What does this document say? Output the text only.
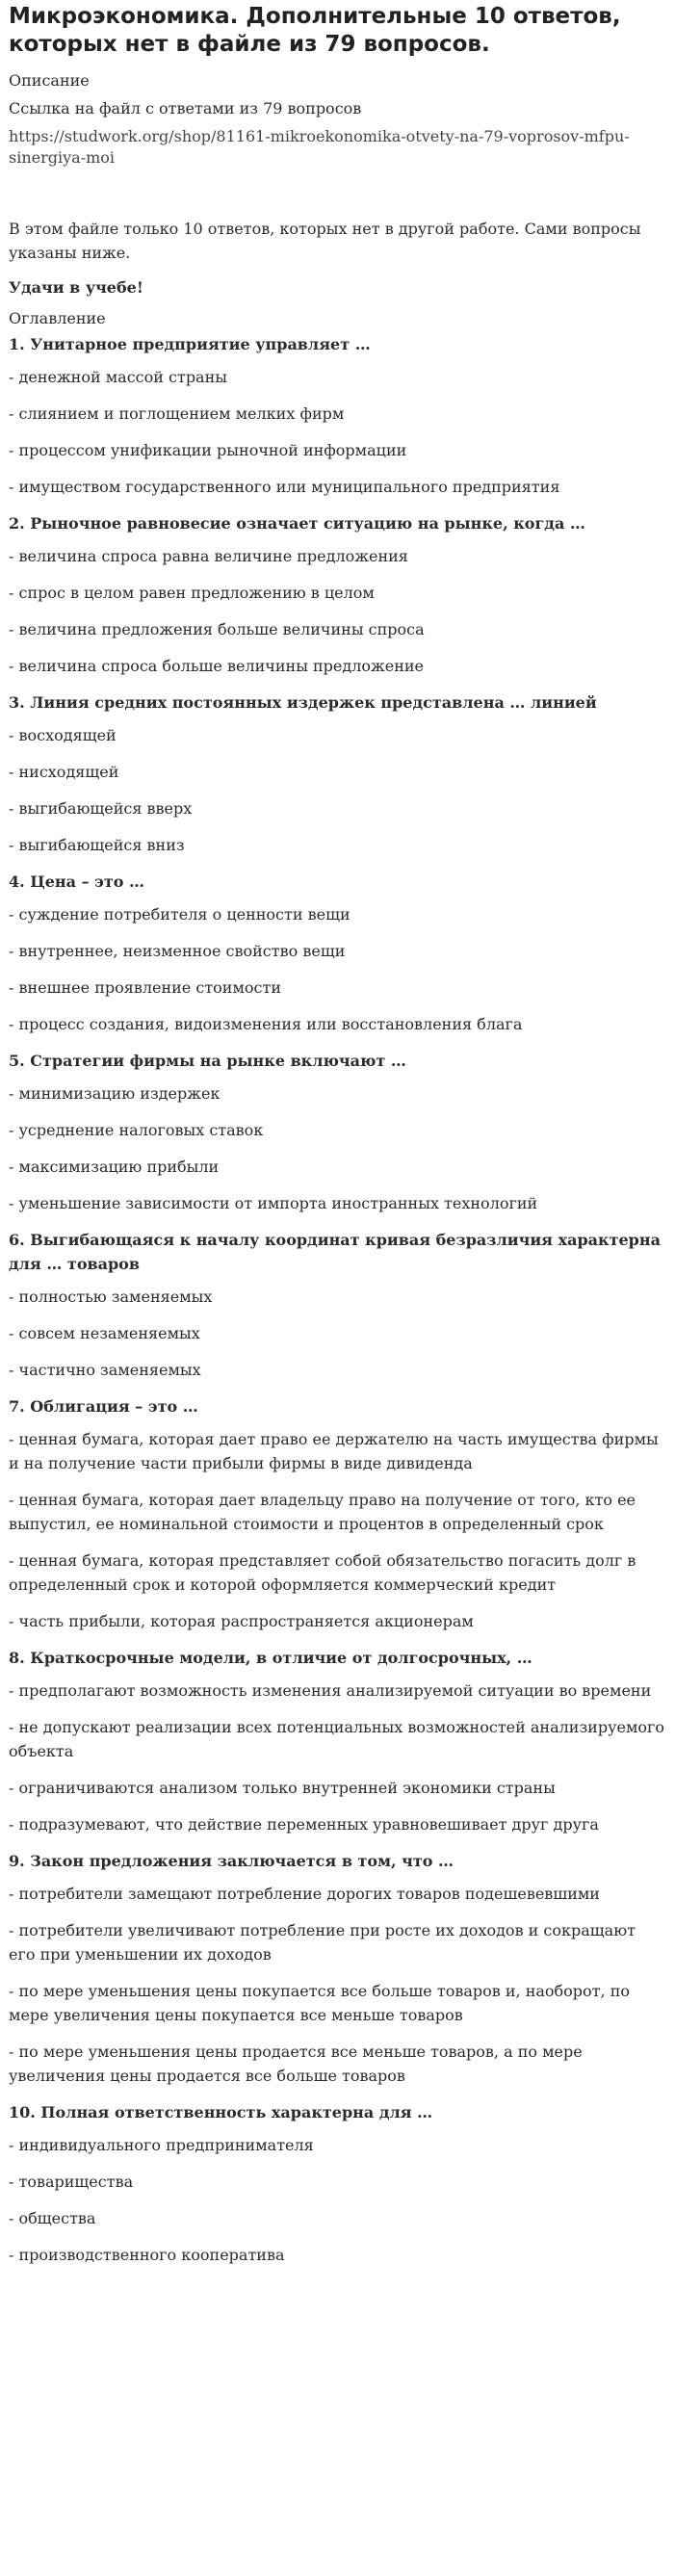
Микроэкономика. Дополнительные 10 ответов, которых нет в файле из 79 вопросов.
Описание
Ссылка на файл с ответами из 79 вопросов
https://studwork.org/shop/81161-mikroekonomika-otvety-na-79-voprosov-mfpu-sinergiya-moi
В этом файле только 10 ответов, которых нет в другой работе. Сами вопросы указаны ниже.
Удачи в учебе!
Оглавление
1. Унитарное предприятие управляет …
- денежной массой страны
- слиянием и поглощением мелких фирм
- процессом унификации рыночной информации
- имуществом государственного или муниципального предприятия
2. Рыночное равновесие означает ситуацию на рынке, когда …
- величина спроса равна величине предложения
- спрос в целом равен предложению в целом
- величина предложения больше величины спроса
- величина спроса больше величины предложение
3. Линия средних постоянных издержек представлена … линией
- восходящей
- нисходящей
- выгибающейся вверх
- выгибающейся вниз
4. Цена – это …
- суждение потребителя о ценности вещи
- внутреннее, неизменное свойство вещи
- внешнее проявление стоимости
- процесс создания, видоизменения или восстановления блага
5. Стратегии фирмы на рынке включают …
- минимизацию издержек
- усреднение налоговых ставок
- максимизацию прибыли
- уменьшение зависимости от импорта иностранных технологий
6. Выгибающаяся к началу координат кривая безразличия характерна для … товаров
- полностью заменяемых
- совсем незаменяемых
- частично заменяемых
7. Облигация – это …
- ценная бумага, которая дает право ее держателю на часть имущества фирмы и на получение части прибыли фирмы в виде дивиденда
- ценная бумага, которая дает владельцу право на получение от того, кто ее выпустил, ее номинальной стоимости и процентов в определенный срок
- ценная бумага, которая представляет собой обязательство погасить долг в определенный срок и которой оформляется коммерческий кредит
- часть прибыли, которая распространяется акционерам
8. Краткосрочные модели, в отличие от долгосрочных, …
- предполагают возможность изменения анализируемой ситуации во времени
- не допускают реализации всех потенциальных возможностей анализируемого объекта
- ограничиваются анализом только внутренней экономики страны
- подразумевают, что действие переменных уравновешивает друг друга
9. Закон предложения заключается в том, что …
- потребители замещают потребление дорогих товаров подешевевшими
- потребители увеличивают потребление при росте их доходов и сокращают его при уменьшении их доходов
- по мере уменьшения цены покупается все больше товаров и, наоборот, по мере увеличения цены покупается все меньше товаров
- по мере уменьшения цены продается все меньше товаров, а по мере увеличения цены продается все больше товаров
10. Полная ответственность характерна для …
- индивидуального предпринимателя
- товарищества
- общества
- производственного кооператива
